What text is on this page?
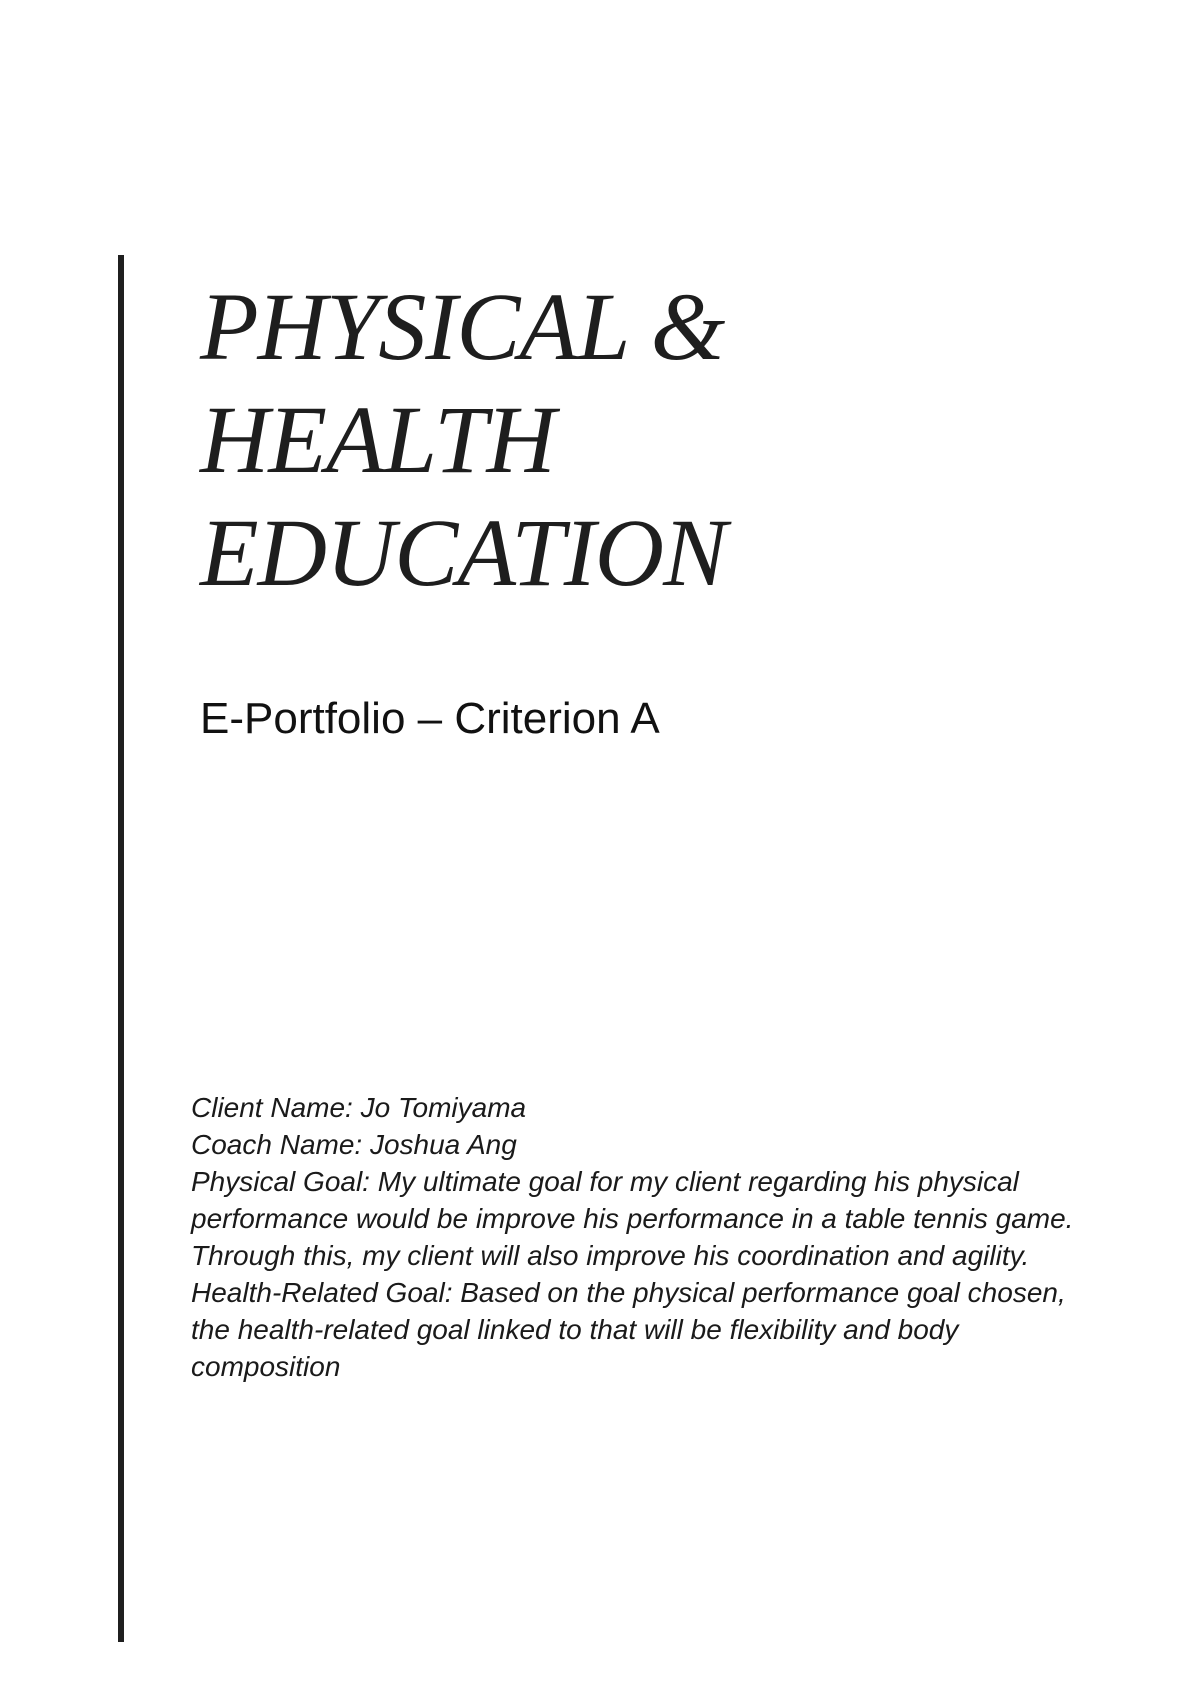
PHYSICAL &
HEALTH
EDUCATION
E-Portfolio – Criterion A

Client Name: Jo Tomiyama

Coach Name: Joshua Ang

Physical Goal: My ultimate goal for my client regarding his physical performance would be improve his performance in a table tennis game. Through this, my client will also improve his coordination and agility.

Health-Related Goal: Based on the physical performance goal chosen, the health-related goal linked to that will be flexibility and body composition
